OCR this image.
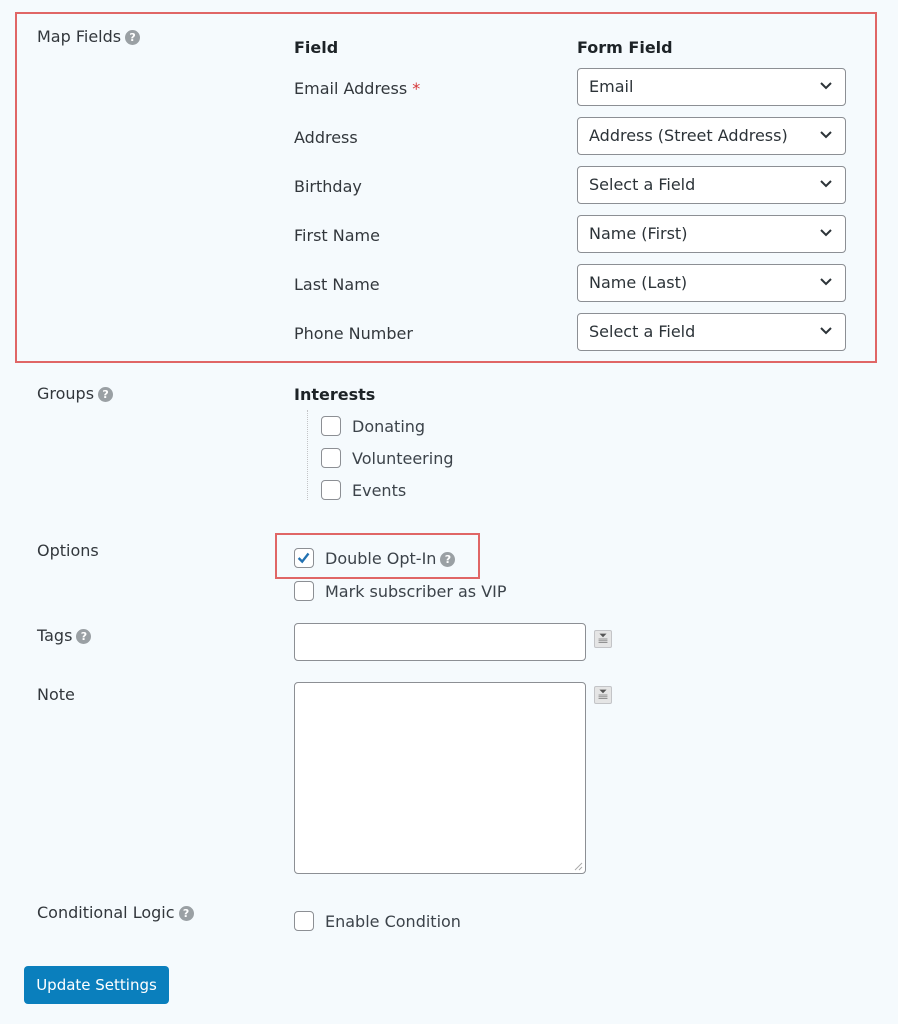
Map Fields ?
Field	Form Field
Email Address *	Email
Address	Address (Street Address)
Birthday	Select a Field
First Name	Name (First)
Last Name	Name (Last)
Phone Number	Select a Field
Groups ?	Interests
Donating
Volunteering
Events
Options	Double Opt-In ?
Mark subscriber as VIP
Tags ?
Note
Conditional Logic ?	Enable Condition
Update Settings
